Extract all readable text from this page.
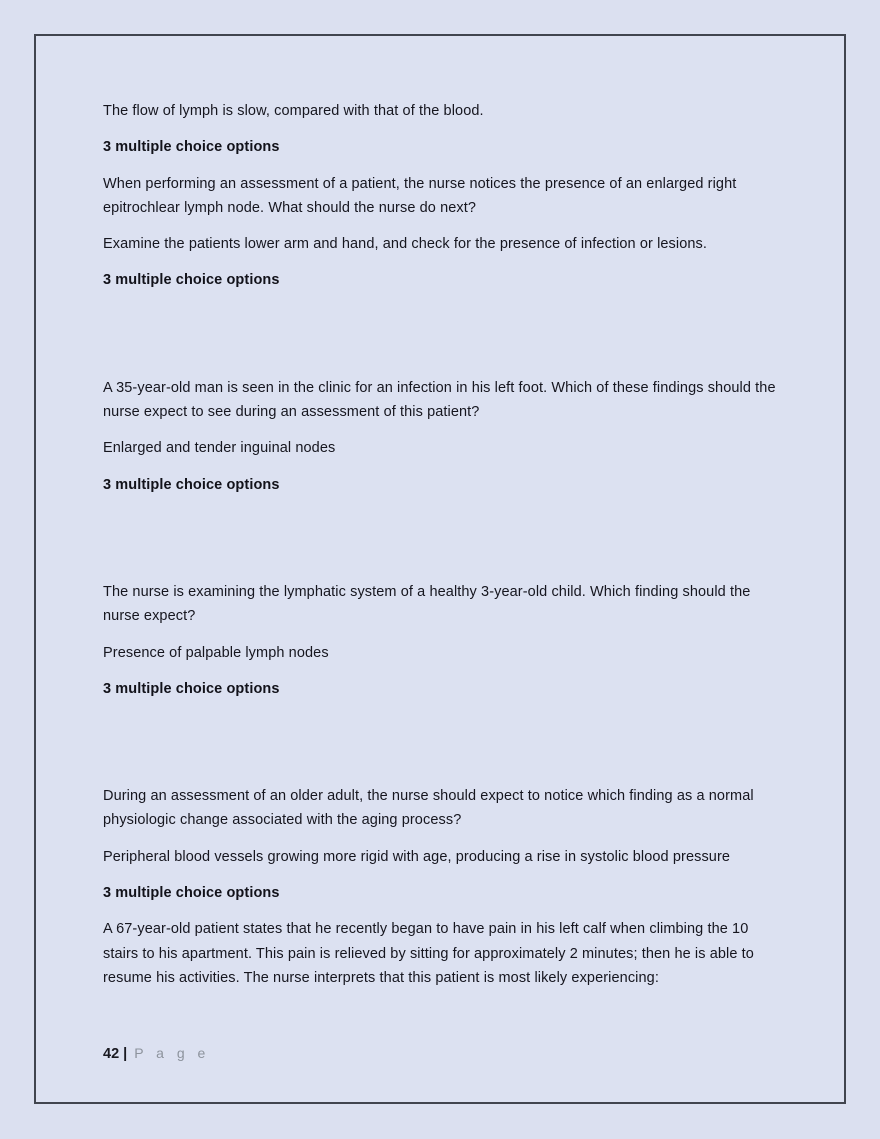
The flow of lymph is slow, compared with that of the blood.

3 multiple choice options

When performing an assessment of a patient, the nurse notices the presence of an enlarged right epitrochlear lymph node. What should the nurse do next?

Examine the patients lower arm and hand, and check for the presence of infection or lesions.

3 multiple choice options

A 35-year-old man is seen in the clinic for an infection in his left foot. Which of these findings should the nurse expect to see during an assessment of this patient?

Enlarged and tender inguinal nodes

3 multiple choice options

The nurse is examining the lymphatic system of a healthy 3-year-old child. Which finding should the nurse expect?

Presence of palpable lymph nodes

3 multiple choice options

During an assessment of an older adult, the nurse should expect to notice which finding as a normal physiologic change associated with the aging process?

Peripheral blood vessels growing more rigid with age, producing a rise in systolic blood pressure

3 multiple choice options

A 67-year-old patient states that he recently began to have pain in his left calf when climbing the 10 stairs to his apartment. This pain is relieved by sitting for approximately 2 minutes; then he is able to resume his activities. The nurse interprets that this patient is most likely experiencing:

42 | P a g e
